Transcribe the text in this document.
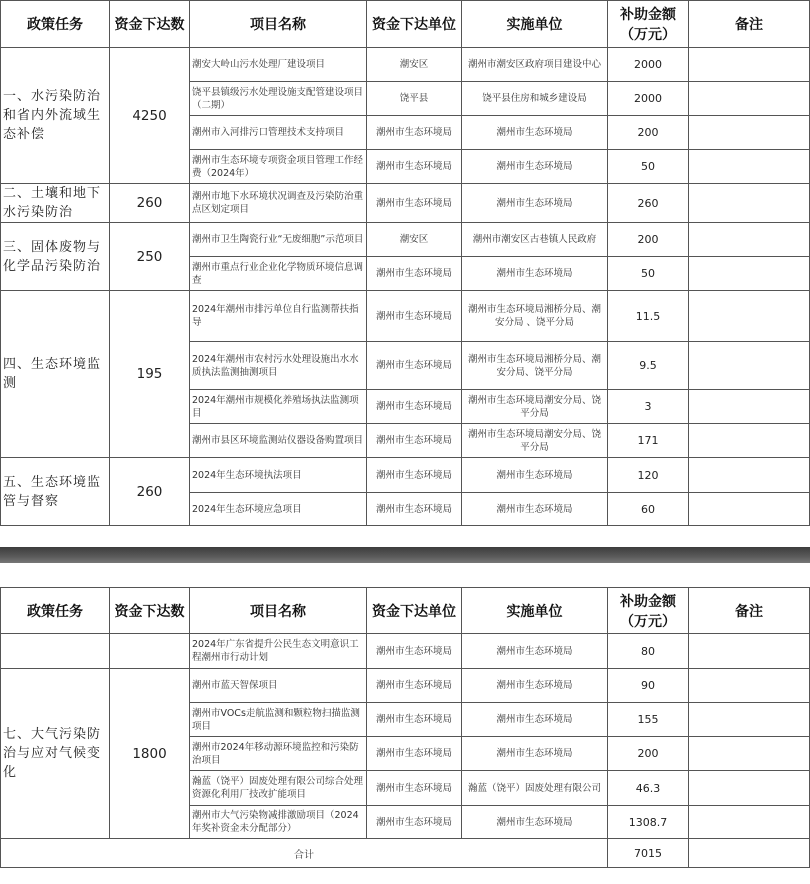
政策任务	资金下达数	项目名称	资金下达单位	实施单位	补助金额（万元）	备注
一、水污染防治和省内外流域生态补偿	4250	潮安大岭山污水处理厂建设项目	潮安区	潮州市潮安区政府项目建设中心	2000	
		饶平县镇级污水处理设施支配管建设项目（二期）	饶平县	饶平县住房和城乡建设局	2000	
		潮州市入河排污口管理技术支持项目	潮州市生态环境局	潮州市生态环境局	200	
		潮州市生态环境专项资金项目管理工作经费（2024年）	潮州市生态环境局	潮州市生态环境局	50	
二、土壤和地下水污染防治	260	潮州市地下水环境状况调查及污染防治重点区划定项目	潮州市生态环境局	潮州市生态环境局	260	
三、固体废物与化学品污染防治	250	潮州市卫生陶瓷行业“无废细胞”示范项目	潮安区	潮州市潮安区古巷镇人民政府	200	
		潮州市重点行业企业化学物质环境信息调查	潮州市生态环境局	潮州市生态环境局	50	
四、生态环境监测	195	2024年潮州市排污单位自行监测帮扶指导	潮州市生态环境局	潮州市生态环境局湘桥分局、潮安分局 、饶平分局	11.5	
		2024年潮州市农村污水处理设施出水水质执法监测抽测项目	潮州市生态环境局	潮州市生态环境局湘桥分局、潮安分局、饶平分局	9.5	
		2024年潮州市规模化养殖场执法监测项目	潮州市生态环境局	潮州市生态环境局潮安分局、饶平分局	3	
		潮州市县区环境监测站仪器设备购置项目	潮州市生态环境局	潮州市生态环境局潮安分局、饶平分局	171	
五、生态环境监管与督察	260	2024年生态环境执法项目	潮州市生态环境局	潮州市生态环境局	120	
		2024年生态环境应急项目	潮州市生态环境局	潮州市生态环境局	60	
政策任务	资金下达数	项目名称	资金下达单位	实施单位	补助金额（万元）	备注
		2024年广东省提升公民生态文明意识工程潮州市行动计划	潮州市生态环境局	潮州市生态环境局	80	
七、大气污染防治与应对气候变化	1800	潮州市蓝天智保项目	潮州市生态环境局	潮州市生态环境局	90	
		潮州市VOCs走航监测和颗粒物扫描监测项目	潮州市生态环境局	潮州市生态环境局	155	
		潮州市2024年移动源环境监控和污染防治项目	潮州市生态环境局	潮州市生态环境局	200	
		瀚蓝（饶平）固废处理有限公司综合处理资源化利用厂技改扩能项目	潮州市生态环境局	瀚蓝（饶平）固废处理有限公司	46.3	
		潮州市大气污染物减排激励项目（2024年奖补资金未分配部分）	潮州市生态环境局	潮州市生态环境局	1308.7	
合计					7015	
